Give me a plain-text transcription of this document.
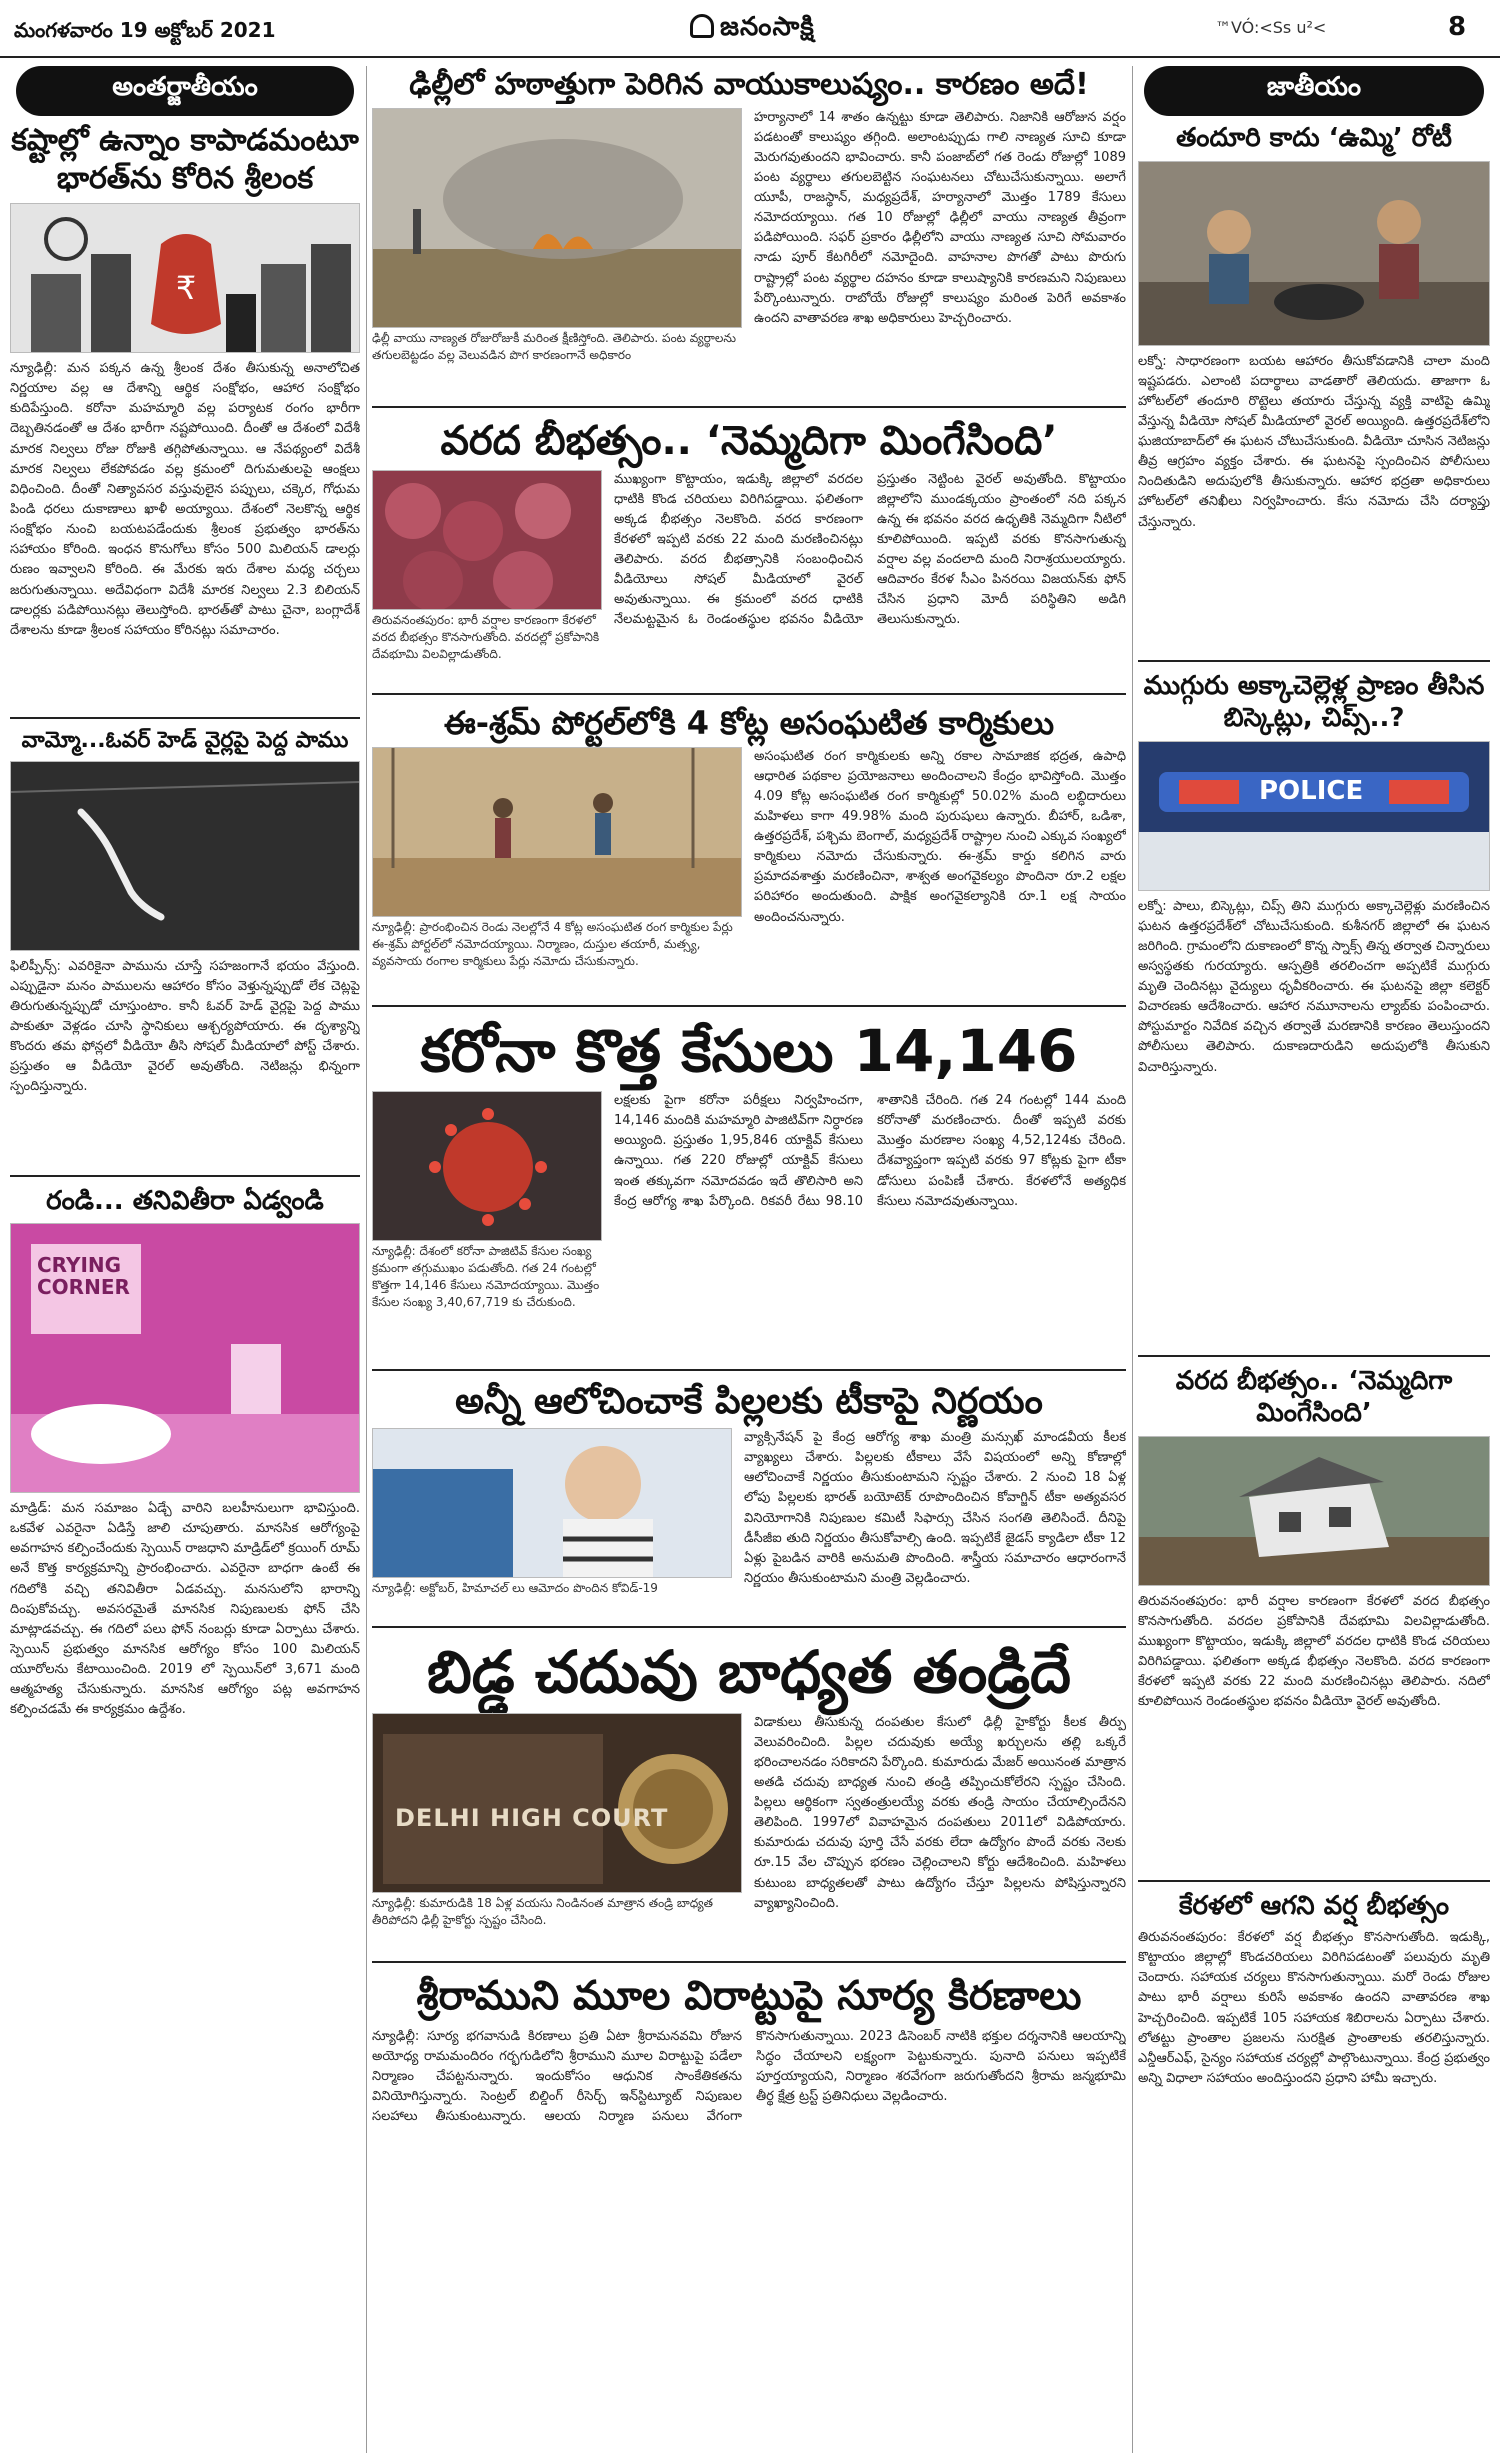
మంగళవారం 19 అక్టోబర్ 2021	జనంసాక్షి	™VÓ:<Ss u²<	8
అంతర్జాతీయం
కష్టాల్లో ఉన్నాం కాపాడమంటూ భారత్‌ను కోరిన శ్రీలంక
₹
న్యూఢిల్లీ: మన పక్కన ఉన్న శ్రీలంక దేశం తీసుకున్న అనాలోచిత నిర్ణయాల వల్ల ఆ దేశాన్ని ఆర్థిక సంక్షోభం, ఆహార సంక్షోభం కుదిపేస్తుంది. కరోనా మహమ్మారి వల్ల పర్యాటక రంగం భారీగా దెబ్బతినడంతో ఆ దేశం భారీగా నష్టపోయింది. దీంతో ఆ దేశంలో విదేశీ మారక నిల్వలు రోజు రోజుకి తగ్గిపోతున్నాయి. ఆ నేపథ్యంలో విదేశీ మారక నిల్వలు లేకపోవడం వల్ల క్రమంలో దిగుమతులపై ఆంక్షలు విధించింది. దీంతో నిత్యావసర వస్తువులైన పప్పులు, చక్కెర, గోధుమ పిండి ధరలు దుకాణాలు ఖాళీ అయ్యాయి. దేశంలో నెలకొన్న ఆర్థిక సంక్షోభం నుంచి బయటపడేందుకు శ్రీలంక ప్రభుత్వం భారత్‌ను సహాయం కోరింది. ఇంధన కొనుగోలు కోసం 500 మిలియన్ డాలర్లు రుణం ఇవ్వాలని కోరింది. ఈ మేరకు ఇరు దేశాల మధ్య చర్చలు జరుగుతున్నాయి. అదేవిధంగా విదేశీ మారక నిల్వలు 2.3 బిలియన్ డాలర్లకు పడిపోయినట్లు తెలుస్తోంది. భారత్‌తో పాటు చైనా, బంగ్లాదేశ్ దేశాలను కూడా శ్రీలంక సహాయం కోరినట్లు సమాచారం.
వామ్మో...ఓవర్ హెడ్ వైర్లపై పెద్ద పాము
ఫిలిప్పీన్స్: ఎవరికైనా పామును చూస్తే సహజంగానే భయం వేస్తుంది. ఎప్పుడైనా మనం పాములను ఆహారం కోసం వెళ్తున్నప్పుడో లేక చెట్లపై తిరుగుతున్నప్పుడో చూస్తుంటాం. కానీ ఓవర్ హెడ్ వైర్లపై పెద్ద పాము పాకుతూ వెళ్లడం చూసి స్థానికులు ఆశ్చర్యపోయారు. ఈ దృశ్యాన్ని కొందరు తమ ఫోన్లలో వీడియో తీసి సోషల్ మీడియాలో పోస్ట్ చేశారు. ప్రస్తుతం ఆ వీడియో వైరల్ అవుతోంది. నెటిజన్లు భిన్నంగా స్పందిస్తున్నారు.
రండి... తనివితీరా ఏడ్వండి
CRYING CORNER
మాడ్రిడ్: మన సమాజం ఏడ్చే వారిని బలహీనులుగా భావిస్తుంది. ఒకవేళ ఎవరైనా ఏడిస్తే జాలి చూపుతారు. మానసిక ఆరోగ్యంపై అవగాహన కల్పించేందుకు స్పెయిన్ రాజధాని మాడ్రిడ్‌లో క్రయింగ్ రూమ్ అనే కొత్త కార్యక్రమాన్ని ప్రారంభించారు. ఎవరైనా బాధగా ఉంటే ఈ గదిలోకి వచ్చి తనివితీరా ఏడవచ్చు. మనసులోని భారాన్ని దింపుకోవచ్చు. అవసరమైతే మానసిక నిపుణులకు ఫోన్ చేసి మాట్లాడవచ్చు. ఈ గదిలో పలు ఫోన్ నంబర్లు కూడా ఏర్పాటు చేశారు. స్పెయిన్ ప్రభుత్వం మానసిక ఆరోగ్యం కోసం 100 మిలియన్ యూరోలను కేటాయించింది. 2019 లో స్పెయిన్‌లో 3,671 మంది ఆత్మహత్య చేసుకున్నారు. మానసిక ఆరోగ్యం పట్ల అవగాహన కల్పించడమే ఈ కార్యక్రమం ఉద్దేశం.
ఢిల్లీలో హఠాత్తుగా పెరిగిన వాయుకాలుష్యం.. కారణం అదే!
ఢిల్లీ వాయు నాణ్యత రోజురోజుకీ మరింత క్షీణిస్తోంది. తెలిపారు. పంట వ్యర్థాలను తగులబెట్టడం వల్ల వెలువడిన పొగ కారణంగానే అధికారం
హర్యానాలో 14 శాతం ఉన్నట్టు కూడా తెలిపారు. నిజానికి ఆరోజున వర్షం పడటంతో కాలుష్యం తగ్గింది. అలాంటప్పుడు గాలి నాణ్యత సూచి కూడా మెరుగవుతుందని భావించారు. కానీ పంజాబ్‌లో గత రెండు రోజుల్లో 1089 పంట వ్యర్థాలు తగులబెట్టిన సంఘటనలు చోటుచేసుకున్నాయి. అలాగే యూపీ, రాజస్థాన్, మధ్యప్రదేశ్, హర్యానాలో మొత్తం 1789 కేసులు నమోదయ్యాయి. గత 10 రోజుల్లో ఢిల్లీలో వాయు నాణ్యత తీవ్రంగా పడిపోయింది. సఫర్ ప్రకారం ఢిల్లీలోని వాయు నాణ్యత సూచి సోమవారం నాడు పూర్ కేటగిరీలో నమోదైంది. వాహనాల పొగతో పాటు పొరుగు రాష్ట్రాల్లో పంట వ్యర్థాల దహనం కూడా కాలుష్యానికి కారణమని నిపుణులు పేర్కొంటున్నారు. రాబోయే రోజుల్లో కాలుష్యం మరింత పెరిగే అవకాశం ఉందని వాతావరణ శాఖ అధికారులు హెచ్చరించారు.
వరద బీభత్సం.. ‘నెమ్మదిగా మింగేసింది’
తిరువనంతపురం: భారీ వర్షాల కారణంగా కేరళలో వరద బీభత్సం కొనసాగుతోంది. వరదల్లో ప్రకోపానికి దేవభూమి విలవిల్లాడుతోంది.
ముఖ్యంగా కొట్టాయం, ఇడుక్కి జిల్లాలో వరదల ధాటికి కొండ చరియలు విరిగిపడ్డాయి. ఫలితంగా అక్కడ భీభత్సం నెలకొంది. వరద కారణంగా కేరళలో ఇప్పటి వరకు 22 మంది మరణించినట్లు తెలిపారు. వరద బీభత్సానికి సంబంధించిన వీడియోలు సోషల్ మీడియాలో వైరల్ అవుతున్నాయి. ఈ క్రమంలో వరద ధాటికి నేలమట్టమైన ఓ రెండంతస్థుల భవనం వీడియో ప్రస్తుతం నెట్టింట వైరల్ అవుతోంది. కొట్టాయం జిల్లాలోని ముండక్కయం ప్రాంతంలో నది పక్కన ఉన్న ఈ భవనం వరద ఉధృతికి నెమ్మదిగా నీటిలో కూలిపోయింది. ఇప్పటి వరకు కొనసాగుతున్న వర్షాల వల్ల వందలాది మంది నిరాశ్రయులయ్యారు. ఆదివారం కేరళ సీఎం పినరయి విజయన్‌కు ఫోన్ చేసిన ప్రధాని మోదీ పరిస్థితిని అడిగి తెలుసుకున్నారు.
ఈ-శ్రమ్ పోర్టల్‌లోకి 4 కోట్ల అసంఘటిత కార్మికులు
న్యూఢిల్లీ: ప్రారంభించిన రెండు నెలల్లోనే 4 కోట్ల అసంఘటిత రంగ కార్మికుల పేర్లు ఈ-శ్రమ్ పోర్టల్‌లో నమోదయ్యాయి. నిర్మాణం, దుస్తుల తయారీ, మత్స్య, వ్యవసాయ రంగాల కార్మికులు పేర్లు నమోదు చేసుకున్నారు.
అసంఘటిత రంగ కార్మికులకు అన్ని రకాల సామాజిక భద్రత, ఉపాధి ఆధారిత పథకాల ప్రయోజనాలు అందించాలని కేంద్రం భావిస్తోంది. మొత్తం 4.09 కోట్ల అసంఘటిత రంగ కార్మికుల్లో 50.02% మంది లబ్ధిదారులు మహిళలు కాగా 49.98% మంది పురుషులు ఉన్నారు. బీహార్, ఒడిశా, ఉత్తరప్రదేశ్, పశ్చిమ బెంగాల్, మధ్యప్రదేశ్ రాష్ట్రాల నుంచి ఎక్కువ సంఖ్యలో కార్మికులు నమోదు చేసుకున్నారు. ఈ-శ్రమ్ కార్డు కలిగిన వారు ప్రమాదవశాత్తు మరణించినా, శాశ్వత అంగవైకల్యం పొందినా రూ.2 లక్షల పరిహారం అందుతుంది. పాక్షిక అంగవైకల్యానికి రూ.1 లక్ష సాయం అందించనున్నారు.
కరోనా కొత్త కేసులు 14,146
న్యూఢిల్లీ: దేశంలో కరోనా పాజిటివ్ కేసుల సంఖ్య క్రమంగా తగ్గుముఖం పడుతోంది. గత 24 గంటల్లో కొత్తగా 14,146 కేసులు నమోదయ్యాయి. మొత్తం కేసుల సంఖ్య 3,40,67,719 కు చేరుకుంది.
లక్షలకు పైగా కరోనా పరీక్షలు నిర్వహించగా, 14,146 మందికి మహమ్మారి పాజిటివ్‌గా నిర్ధారణ అయ్యింది. ప్రస్తుతం 1,95,846 యాక్టివ్ కేసులు ఉన్నాయి. గత 220 రోజుల్లో యాక్టివ్ కేసులు ఇంత తక్కువగా నమోదవడం ఇదే తొలిసారి అని కేంద్ర ఆరోగ్య శాఖ పేర్కొంది. రికవరీ రేటు 98.10 శాతానికి చేరింది. గత 24 గంటల్లో 144 మంది కరోనాతో మరణించారు. దీంతో ఇప్పటి వరకు మొత్తం మరణాల సంఖ్య 4,52,124కు చేరింది. దేశవ్యాప్తంగా ఇప్పటి వరకు 97 కోట్లకు పైగా టీకా డోసులు పంపిణీ చేశారు. కేరళలోనే అత్యధిక కేసులు నమోదవుతున్నాయి.
అన్నీ ఆలోచించాకే పిల్లలకు టీకాపై నిర్ణయం
న్యూఢిల్లీ: అక్టోబర్, హిమాచల్ లు ఆమోదం పొందిన కోవిడ్-19
వ్యాక్సినేషన్ పై కేంద్ర ఆరోగ్య శాఖ మంత్రి మన్సుఖ్ మాండవీయ కీలక వ్యాఖ్యలు చేశారు. పిల్లలకు టీకాలు వేసే విషయంలో అన్ని కోణాల్లో ఆలోచించాకే నిర్ణయం తీసుకుంటామని స్పష్టం చేశారు. 2 నుంచి 18 ఏళ్ల లోపు పిల్లలకు భారత్ బయోటెక్ రూపొందించిన కోవాగ్జిన్ టీకా అత్యవసర వినియోగానికి నిపుణుల కమిటీ సిఫార్సు చేసిన సంగతి తెలిసిందే. దీనిపై డీసీజీఐ తుది నిర్ణయం తీసుకోవాల్సి ఉంది. ఇప్పటికే జైడస్ క్యాడిలా టీకా 12 ఏళ్లు పైబడిన వారికి అనుమతి పొందింది. శాస్త్రీయ సమాచారం ఆధారంగానే నిర్ణయం తీసుకుంటామని మంత్రి వెల్లడించారు.
బిడ్డ చదువు బాధ్యత తండ్రిదే
DELHI HIGH COURT
న్యూఢిల్లీ: కుమారుడికి 18 ఏళ్ల వయసు నిండినంత మాత్రాన తండ్రి బాధ్యత తీరిపోదని ఢిల్లీ హైకోర్టు స్పష్టం చేసింది.
విడాకులు తీసుకున్న దంపతుల కేసులో ఢిల్లీ హైకోర్టు కీలక తీర్పు వెలువరించింది. పిల్లల చదువుకు అయ్యే ఖర్చులను తల్లి ఒక్కరే భరించాలనడం సరికాదని పేర్కొంది. కుమారుడు మేజర్ అయినంత మాత్రాన అతడి చదువు బాధ్యత నుంచి తండ్రి తప్పించుకోలేరని స్పష్టం చేసింది. పిల్లలు ఆర్థికంగా స్వతంత్రులయ్యే వరకు తండ్రి సాయం చేయాల్సిందేనని తెలిపింది. 1997లో వివాహమైన దంపతులు 2011లో విడిపోయారు. కుమారుడు చదువు పూర్తి చేసే వరకు లేదా ఉద్యోగం పొందే వరకు నెలకు రూ.15 వేల చొప్పున భరణం చెల్లించాలని కోర్టు ఆదేశించింది. మహిళలు కుటుంబ బాధ్యతలతో పాటు ఉద్యోగం చేస్తూ పిల్లలను పోషిస్తున్నారని వ్యాఖ్యానించింది.
శ్రీరాముని మూల విరాట్టుపై సూర్య కిరణాలు
న్యూఢిల్లీ: సూర్య భగవానుడి కిరణాలు ప్రతి ఏటా శ్రీరామనవమి రోజున అయోధ్య రామమందిరం గర్భగుడిలోని శ్రీరాముని మూల విరాట్టుపై పడేలా నిర్మాణం చేపట్టనున్నారు. ఇందుకోసం ఆధునిక సాంకేతికతను వినియోగిస్తున్నారు. సెంట్రల్ బిల్డింగ్ రీసెర్చ్ ఇన్‌స్టిట్యూట్ నిపుణుల సలహాలు తీసుకుంటున్నారు. ఆలయ నిర్మాణ పనులు వేగంగా కొనసాగుతున్నాయి. 2023 డిసెంబర్ నాటికి భక్తుల దర్శనానికి ఆలయాన్ని సిద్ధం చేయాలని లక్ష్యంగా పెట్టుకున్నారు. పునాది పనులు ఇప్పటికే పూర్తయ్యాయని, నిర్మాణం శరవేగంగా జరుగుతోందని శ్రీరామ జన్మభూమి తీర్థ క్షేత్ర ట్రస్ట్ ప్రతినిధులు వెల్లడించారు.
జాతీయం
తందూరి కాదు ‘ఉమ్మి’ రోటీ
లక్నో: సాధారణంగా బయట ఆహారం తీసుకోవడానికి చాలా మంది ఇష్టపడరు. ఎలాంటి పదార్థాలు వాడతారో తెలియదు. తాజాగా ఓ హోటల్‌లో తందూరి రొట్టెలు తయారు చేస్తున్న వ్యక్తి వాటిపై ఉమ్మి వేస్తున్న వీడియో సోషల్ మీడియాలో వైరల్ అయ్యింది. ఉత్తరప్రదేశ్‌లోని ఘజియాబాద్‌లో ఈ ఘటన చోటుచేసుకుంది. వీడియో చూసిన నెటిజన్లు తీవ్ర ఆగ్రహం వ్యక్తం చేశారు. ఈ ఘటనపై స్పందించిన పోలీసులు నిందితుడిని అదుపులోకి తీసుకున్నారు. ఆహార భద్రతా అధికారులు హోటల్‌లో తనిఖీలు నిర్వహించారు. కేసు నమోదు చేసి దర్యాప్తు చేస్తున్నారు.
ముగ్గురు అక్కాచెల్లెళ్ల ప్రాణం తీసిన బిస్కెట్లు, చిప్స్..?
POLICE
లక్నో: పాలు, బిస్కెట్లు, చిప్స్ తిని ముగ్గురు అక్కాచెల్లెళ్లు మరణించిన ఘటన ఉత్తరప్రదేశ్‌లో చోటుచేసుకుంది. కుశీనగర్ జిల్లాలో ఈ ఘటన జరిగింది. గ్రామంలోని దుకాణంలో కొన్న స్నాక్స్ తిన్న తర్వాత చిన్నారులు అస్వస్థతకు గురయ్యారు. ఆస్పత్రికి తరలించగా అప్పటికే ముగ్గురు మృతి చెందినట్లు వైద్యులు ధృవీకరించారు. ఈ ఘటనపై జిల్లా కలెక్టర్ విచారణకు ఆదేశించారు. ఆహార నమూనాలను ల్యాబ్‌కు పంపించారు. పోస్టుమార్టం నివేదిక వచ్చిన తర్వాతే మరణానికి కారణం తెలుస్తుందని పోలీసులు తెలిపారు. దుకాణదారుడిని అదుపులోకి తీసుకుని విచారిస్తున్నారు.
వరద బీభత్సం.. ‘నెమ్మదిగా మింగేసింది’
తిరువనంతపురం: భారీ వర్షాల కారణంగా కేరళలో వరద బీభత్సం కొనసాగుతోంది. వరదల ప్రకోపానికి దేవభూమి విలవిల్లాడుతోంది. ముఖ్యంగా కొట్టాయం, ఇడుక్కి జిల్లాలో వరదల ధాటికి కొండ చరియలు విరిగిపడ్డాయి. ఫలితంగా అక్కడ భీభత్సం నెలకొంది. వరద కారణంగా కేరళలో ఇప్పటి వరకు 22 మంది మరణించినట్లు తెలిపారు. నదిలో కూలిపోయిన రెండంతస్థుల భవనం వీడియో వైరల్ అవుతోంది.
కేరళలో ఆగని వర్ష బీభత్సం
తిరువనంతపురం: కేరళలో వర్ష బీభత్సం కొనసాగుతోంది. ఇడుక్కి, కొట్టాయం జిల్లాల్లో కొండచరియలు విరిగిపడటంతో పలువురు మృతి చెందారు. సహాయక చర్యలు కొనసాగుతున్నాయి. మరో రెండు రోజుల పాటు భారీ వర్షాలు కురిసే అవకాశం ఉందని వాతావరణ శాఖ హెచ్చరించింది. ఇప్పటికే 105 సహాయక శిబిరాలను ఏర్పాటు చేశారు. లోతట్టు ప్రాంతాల ప్రజలను సురక్షిత ప్రాంతాలకు తరలిస్తున్నారు. ఎన్డీఆర్ఎఫ్, సైన్యం సహాయక చర్యల్లో పాల్గొంటున్నాయి. కేంద్ర ప్రభుత్వం అన్ని విధాలా సహాయం అందిస్తుందని ప్రధాని హామీ ఇచ్చారు.
